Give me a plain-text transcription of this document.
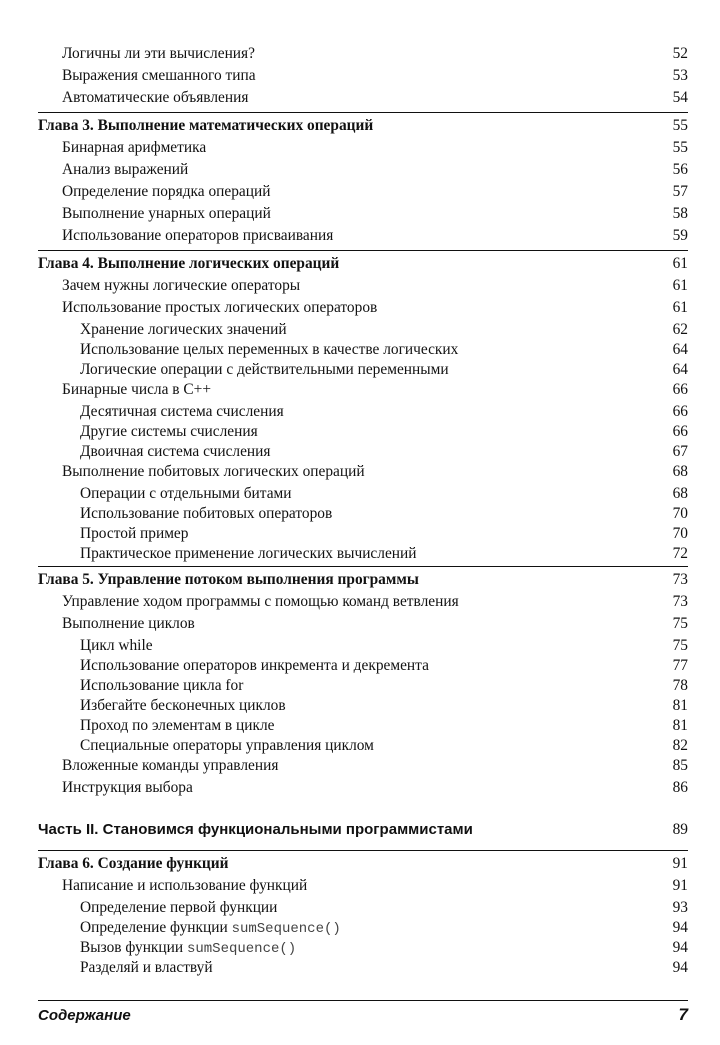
Логичны ли эти вычисления?	52
Выражения смешанного типа	53
Автоматические объявления	54
Глава 3. Выполнение математических операций	55
Бинарная арифметика	55
Анализ выражений	56
Определение порядка операций	57
Выполнение унарных операций	58
Использование операторов присваивания	59
Глава 4. Выполнение логических операций	61
Зачем нужны логические операторы	61
Использование простых логических операторов	61
Хранение логических значений	62
Использование целых переменных в качестве логических	64
Логические операции с действительными переменными	64
Бинарные числа в C++	66
Десятичная система счисления	66
Другие системы счисления	66
Двоичная система счисления	67
Выполнение побитовых логических операций	68
Операции с отдельными битами	68
Использование побитовых операторов	70
Простой пример	70
Практическое применение логических вычислений	72
Глава 5. Управление потоком выполнения программы	73
Управление ходом программы с помощью команд ветвления	73
Выполнение циклов	75
Цикл while	75
Использование операторов инкремента и декремента	77
Использование цикла for	78
Избегайте бесконечных циклов	81
Проход по элементам в цикле	81
Специальные операторы управления циклом	82
Вложенные команды управления	85
Инструкция выбора	86
Часть II. Становимся функциональными программистами	89
Глава 6. Создание функций	91
Написание и использование функций	91
Определение первой функции	93
Определение функции sumSequence()	94
Вызов функции sumSequence()	94
Разделяй и властвуй	94
Содержание	7
